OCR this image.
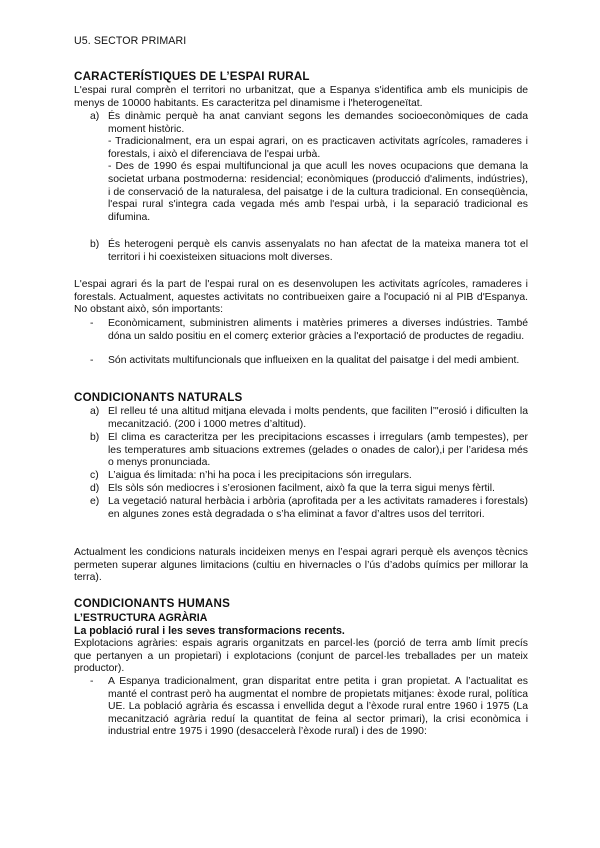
U5. SECTOR PRIMARI
CARACTERÍSTIQUES DE L’ESPAI RURAL
L'espai rural comprèn el territori no urbanitzat, que a Espanya s'identifica amb els municipis de menys de 10000 habitants. Es caracteritza pel dinamisme i l'heterogeneïtat.
a) És dinàmic perquè ha anat canviant segons les demandes socioeconòmiques de cada moment històric.
- Tradicionalment, era un espai agrari, on es practicaven activitats agrícoles, ramaderes i forestals, i això el diferenciava de l'espai urbà.
- Des de 1990 és espai multifuncional ja que acull les noves ocupacions que demana la societat urbana postmoderna: residencial; econòmiques (producció d'aliments, indústries), i de conservació de la naturalesa, del paisatge i de la cultura tradicional. En conseqüència, l'espai rural s'integra cada vegada més amb l'espai urbà, i la separació tradicional es difumina.
b) És heterogeni perquè els canvis assenyalats no han afectat de la mateixa manera tot el territori i hi coexisteixen situacions molt diverses.
L'espai agrari és la part de l'espai rural on es desenvolupen les activitats agrícoles, ramaderes i forestals. Actualment, aquestes activitats no contribueixen gaire a l'ocupació ni al PIB d'Espanya. No obstant això, són importants:
- Econòmicament, subministren aliments i matèries primeres a diverses indústries. També dóna un saldo positiu en el comerç exterior gràcies a l'exportació de productes de regadiu.
- Són activitats multifuncionals que influeixen en la qualitat del paisatge i del medi ambient.
CONDICIONANTS NATURALS
a) El relleu té una altitud mitjana elevada i molts pendents, que faciliten l’"erosió i dificulten la mecanització. (200 i 1000 metres d’altitud).
b) El clima es caracteritza per les precipitacions escasses i irregulars (amb tempestes), per les temperatures amb situacions extremes (gelades o onades de calor),i per l’aridesa més o menys pronunciada.
c) L’aigua és limitada: n’hi ha poca i les precipitacions són irregulars.
d) Els sòls són mediocres i s’erosionen facilment, això fa que la terra sigui menys fèrtil.
e) La vegetació natural herbàcia i arbòria (aprofitada per a les activitats ramaderes i forestals) en algunes zones està degradada o s’ha eliminat a favor d’altres usos del territori.
Actualment les condicions naturals incideixen menys en l’espai agrari perquè els avenços tècnics permeten superar algunes limitacions (cultiu en hivernacles o l’ús d’adobs químics per millorar la terra).
CONDICIONANTS HUMANS
L’ESTRUCTURA AGRÀRIA
La població rural i les seves transformacions recents.
Explotacions agràries: espais agraris organitzats en parcel·les (porció de terra amb límit precís que pertanyen a un propietari) i explotacions (conjunt de parcel·les treballades per un mateix productor).
- A Espanya tradicionalment, gran disparitat entre petita i gran propietat. A l’actualitat es manté el contrast però ha augmentat el nombre de propietats mitjanes: èxode rural, política UE. La població agrària és escassa i envellida degut a l’èxode rural entre 1960 i 1975 (La mecanització agrària reduí la quantitat de feina al sector primari), la crisi econòmica i industrial entre 1975 i 1990 (desaccelerà l’èxode rural) i des de 1990:
